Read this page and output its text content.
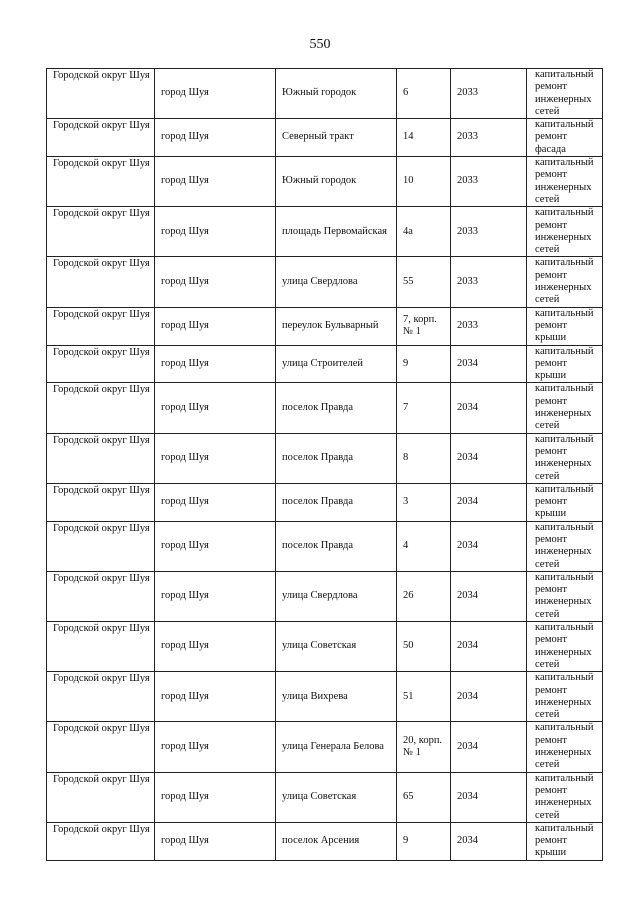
550
Городской округ Шуя	город Шуя	Южный городок	6	2033	капитальный ремонт инженерных сетей
Городской округ Шуя	город Шуя	Северный тракт	14	2033	капитальный ремонт фасада
Городской округ Шуя	город Шуя	Южный городок	10	2033	капитальный ремонт инженерных сетей
Городской округ Шуя	город Шуя	площадь Первомайская	4а	2033	капитальный ремонт инженерных сетей
Городской округ Шуя	город Шуя	улица Свердлова	55	2033	капитальный ремонт инженерных сетей
Городской округ Шуя	город Шуя	переулок Бульварный	7, корп. № 1	2033	капитальный ремонт крыши
Городской округ Шуя	город Шуя	улица Строителей	9	2034	капитальный ремонт крыши
Городской округ Шуя	город Шуя	поселок Правда	7	2034	капитальный ремонт инженерных сетей
Городской округ Шуя	город Шуя	поселок Правда	8	2034	капитальный ремонт инженерных сетей
Городской округ Шуя	город Шуя	поселок Правда	3	2034	капитальный ремонт крыши
Городской округ Шуя	город Шуя	поселок Правда	4	2034	капитальный ремонт инженерных сетей
Городской округ Шуя	город Шуя	улица Свердлова	26	2034	капитальный ремонт инженерных сетей
Городской округ Шуя	город Шуя	улица Советская	50	2034	капитальный ремонт инженерных сетей
Городской округ Шуя	город Шуя	улица Вихрева	51	2034	капитальный ремонт инженерных сетей
Городской округ Шуя	город Шуя	улица Генерала Белова	20, корп. № 1	2034	капитальный ремонт инженерных сетей
Городской округ Шуя	город Шуя	улица Советская	65	2034	капитальный ремонт инженерных сетей
Городской округ Шуя	город Шуя	поселок Арсения	9	2034	капитальный ремонт крыши
